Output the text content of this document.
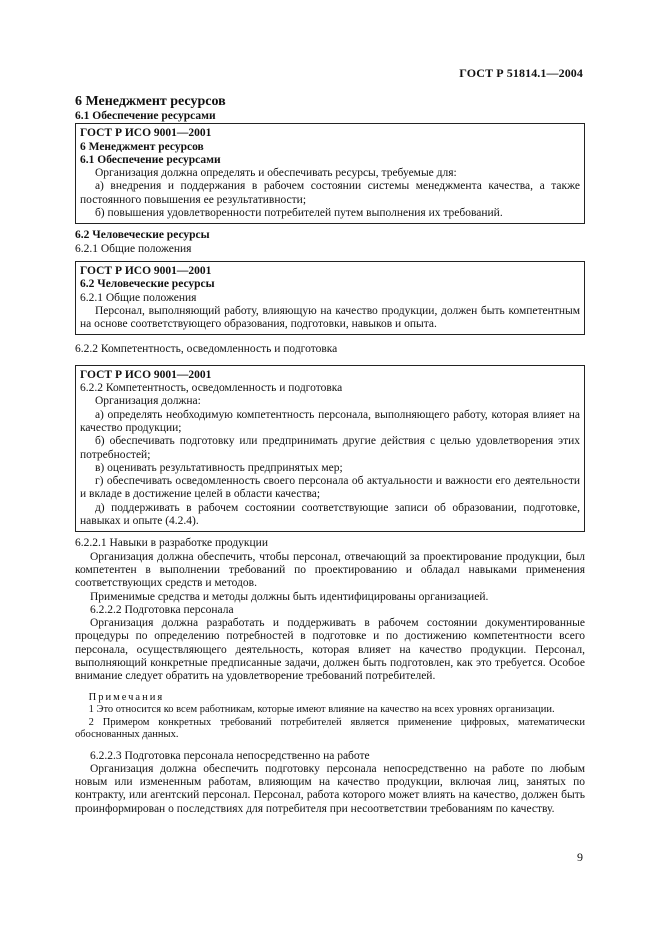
ГОСТ Р 51814.1—2004

6 Менеджмент ресурсов

6.1 Обеспечение ресурсами

ГОСТ Р ИСО 9001—2001

6 Менеджмент ресурсов

6.1 Обеспечение ресурсами

Организация должна определять и обеспечивать ресурсы, требуемые для:

а) внедрения и поддержания в рабочем состоянии системы менеджмента качества, а также постоянного повышения ее результативности;

б) повышения удовлетворенности потребителей путем выполнения их требований.

6.2 Человеческие ресурсы

6.2.1 Общие положения

ГОСТ Р ИСО 9001—2001

6.2 Человеческие ресурсы

6.2.1 Общие положения

Персонал, выполняющий работу, влияющую на качество продукции, должен быть компетентным на основе соответствующего образования, подготовки, навыков и опыта.

6.2.2 Компетентность, осведомленность и подготовка

ГОСТ Р ИСО 9001—2001

6.2.2 Компетентность, осведомленность и подготовка

Организация должна:

а) определять необходимую компетентность персонала, выполняющего работу, которая влияет на качество продукции;

б) обеспечивать подготовку или предпринимать другие действия с целью удовлетворения этих потребностей;

в) оценивать результативность предпринятых мер;

г) обеспечивать осведомленность своего персонала об актуальности и важности его деятельности и вкладе в достижение целей в области качества;

д) поддерживать в рабочем состоянии соответствующие записи об образовании, подготовке, навыках и опыте (4.2.4).

6.2.2.1 Навыки в разработке продукции

Организация должна обеспечить, чтобы персонал, отвечающий за проектирование продукции, был компетентен в выполнении требований по проектированию и обладал навыками применения соответствующих средств и методов.

Применимые средства и методы должны быть идентифицированы организацией.

6.2.2.2 Подготовка персонала

Организация должна разработать и поддерживать в рабочем состоянии документированные процедуры по определению потребностей в подготовке и по достижению компетентности всего персонала, осуществляющего деятельность, которая влияет на качество продукции. Персонал, выполняющий конкретные предписанные задачи, должен быть подготовлен, как это требуется. Особое внимание следует обратить на удовлетворение требований потребителей.

Примечания

1 Это относится ко всем работникам, которые имеют влияние на качество на всех уровнях организации.

2 Примером конкретных требований потребителей является применение цифровых, математически обоснованных данных.

6.2.2.3 Подготовка персонала непосредственно на работе

Организация должна обеспечить подготовку персонала непосредственно на работе по любым новым или измененным работам, влияющим на качество продукции, включая лиц, занятых по контракту, или агентский персонал. Персонал, работа которого может влиять на качество, должен быть проинформирован о последствиях для потребителя при несоответствии требованиям по качеству.

9
